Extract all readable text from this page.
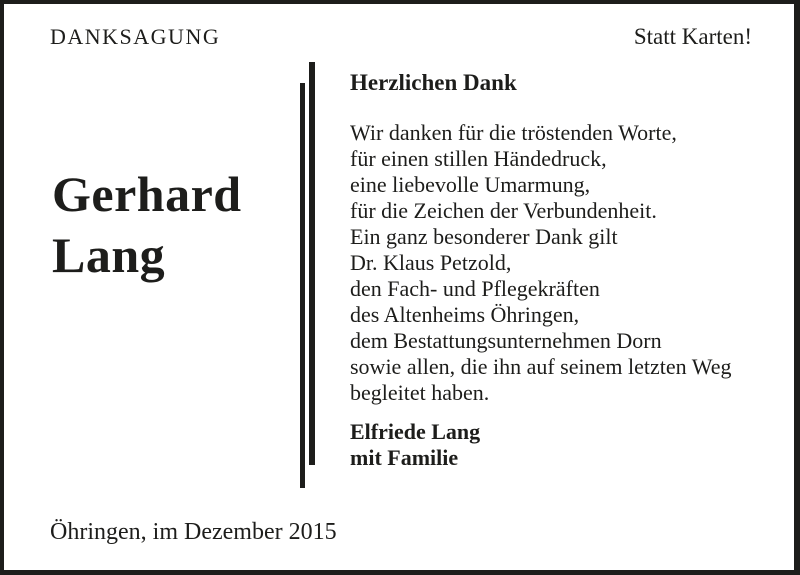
DANKSAGUNG	Statt Karten!
Gerhard
Lang
Herzlichen Dank
Wir danken für die tröstenden Worte,
für einen stillen Händedruck,
eine liebevolle Umarmung,
für die Zeichen der Verbundenheit.
Ein ganz besonderer Dank gilt
Dr. Klaus Petzold,
den Fach- und Pflegekräften
des Altenheims Öhringen,
dem Bestattungsunternehmen Dorn
sowie allen, die ihn auf seinem letzten Weg
begleitet haben.
Elfriede Lang
mit Familie
Öhringen, im Dezember 2015
